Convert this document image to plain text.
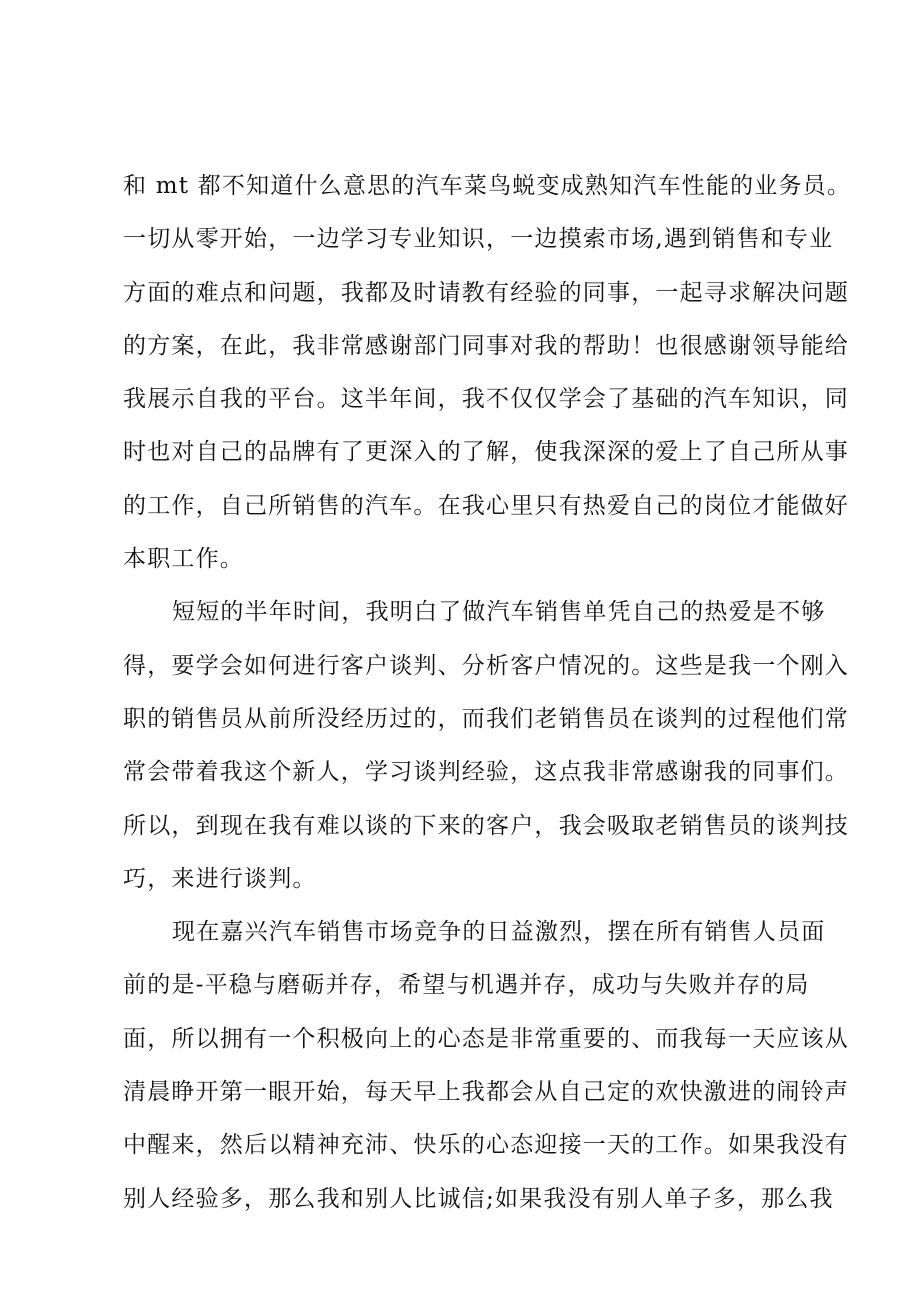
和 mt 都不知道什么意思的汽车菜鸟蜕变成熟知汽车性能的业务员。
一切从零开始，一边学习专业知识，一边摸索市场,遇到销售和专业
方面的难点和问题，我都及时请教有经验的同事，一起寻求解决问题
的方案，在此，我非常感谢部门同事对我的帮助！也很感谢领导能给
我展示自我的平台。这半年间，我不仅仅学会了基础的汽车知识，同
时也对自己的品牌有了更深入的了解，使我深深的爱上了自己所从事
的工作，自己所销售的汽车。在我心里只有热爱自己的岗位才能做好
本职工作。
短短的半年时间，我明白了做汽车销售单凭自己的热爱是不够
得，要学会如何进行客户谈判、分析客户情况的。这些是我一个刚入
职的销售员从前所没经历过的，而我们老销售员在谈判的过程他们常
常会带着我这个新人，学习谈判经验，这点我非常感谢我的同事们。
所以，到现在我有难以谈的下来的客户，我会吸取老销售员的谈判技
巧，来进行谈判。
现在嘉兴汽车销售市场竞争的日益激烈，摆在所有销售人员面
前的是-平稳与磨砺并存，希望与机遇并存，成功与失败并存的局
面，所以拥有一个积极向上的心态是非常重要的、而我每一天应该从
清晨睁开第一眼开始，每天早上我都会从自己定的欢快激进的闹铃声
中醒来，然后以精神充沛、快乐的心态迎接一天的工作。如果我没有
别人经验多，那么我和别人比诚信;如果我没有别人单子多，那么我
